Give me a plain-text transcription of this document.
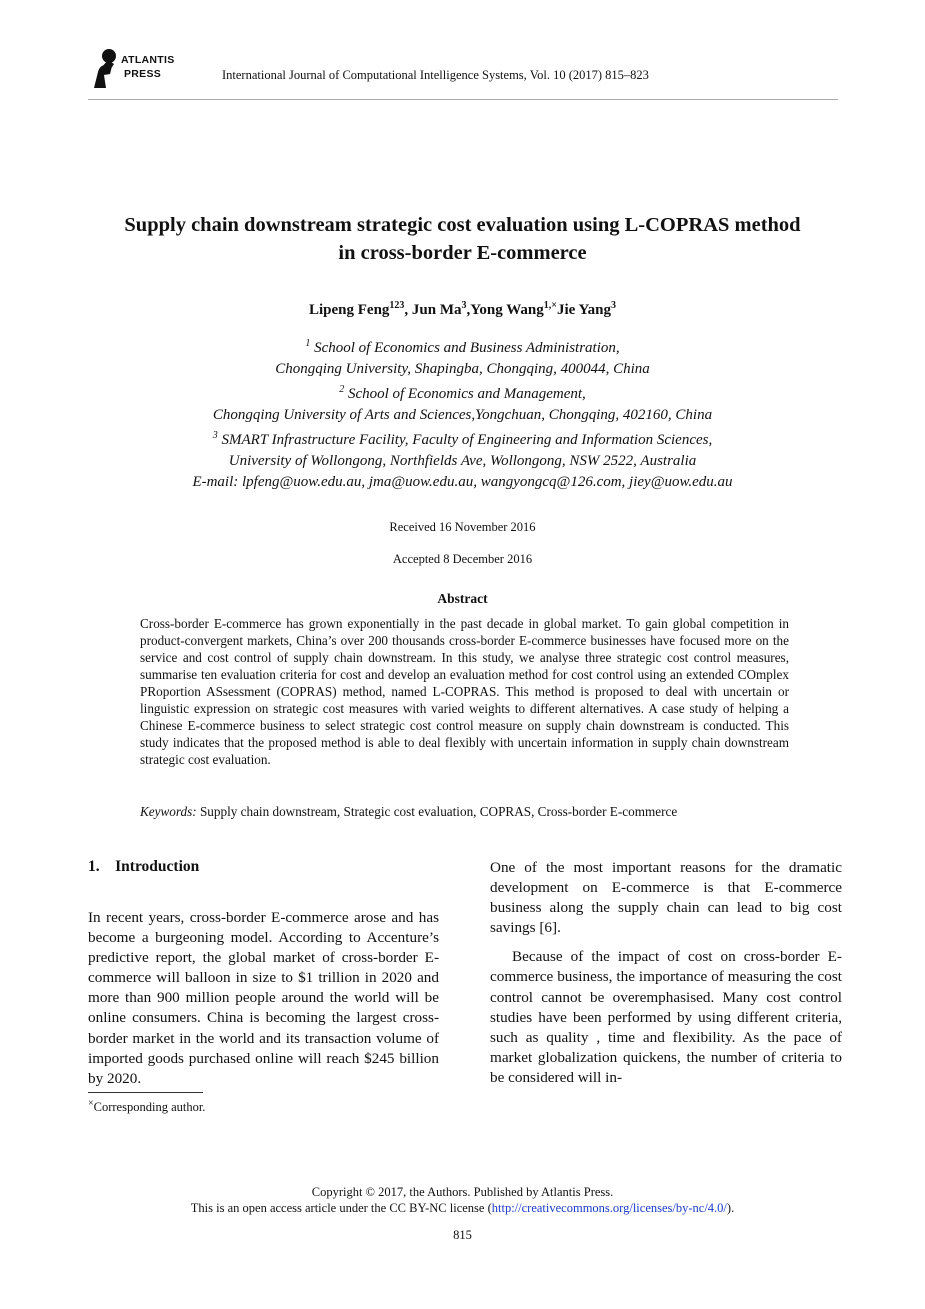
ATLANTIS
PRESS	International Journal of Computational Intelligence Systems, Vol. 10 (2017) 815–823
Supply chain downstream strategic cost evaluation using L-COPRAS method
in cross-border E-commerce
Lipeng Feng$^{123}$, Jun Ma$^3$,Yong Wang$^{1,\times}$Jie Yang$^3$
$^1$ School of Economics and Business Administration,
Chongqing University, Shapingba, Chongqing, 400044, China
$^2$ School of Economics and Management,
Chongqing University of Arts and Sciences,Yongchuan, Chongqing, 402160, China
$^3$ SMART Infrastructure Facility, Faculty of Engineering and Information Sciences,
University of Wollongong, Northfields Ave, Wollongong, NSW 2522, Australia
E-mail: lpfeng@uow.edu.au, jma@uow.edu.au, wangyongcq@126.com, jiey@uow.edu.au
Received 16 November 2016
Accepted 8 December 2016
Abstract
Cross-border E-commerce has grown exponentially in the past decade in global market. To gain global competition in product-convergent markets, China’s over 200 thousands cross-border E-commerce businesses have focused more on the service and cost control of supply chain downstream. In this study, we analyse three strategic cost control measures, summarise ten evaluation criteria for cost and develop an evaluation method for cost control using an extended COmplex PRoportion ASsessment (COPRAS) method, named L-COPRAS. This method is proposed to deal with uncertain or linguistic expression on strategic cost measures with varied weights to different alternatives. A case study of helping a Chinese E-commerce business to select strategic cost control measure on supply chain downstream is conducted. This study indicates that the proposed method is able to deal flexibly with uncertain information in supply chain downstream strategic cost evaluation.
Keywords: Supply chain downstream, Strategic cost evaluation, COPRAS, Cross-border E-commerce
1.    Introduction

In recent years, cross-border E-commerce arose and has become a burgeoning model. According to Accenture’s predictive report, the global market of cross-border E-commerce will balloon in size to $1 trillion in 2020 and more than 900 million people around the world will be online consumers. China is becoming the largest cross-border market in the world and its transaction volume of imported goods purchased online will reach $245 billion by 2020.

One of the most important reasons for the dramatic development on E-commerce is that E-commerce business along the supply chain can lead to big cost savings [6].

Because of the impact of cost on cross-border E-commerce business, the importance of measuring the cost control cannot be overemphasised. Many cost control studies have been performed by using different criteria, such as quality , time and flexibility. As the pace of market globalization quickens, the number of criteria to be considered will in-

×Corresponding author.
Copyright © 2017, the Authors. Published by Atlantis Press.
This is an open access article under the CC BY-NC license (http://creativecommons.org/licenses/by-nc/4.0/).
815
